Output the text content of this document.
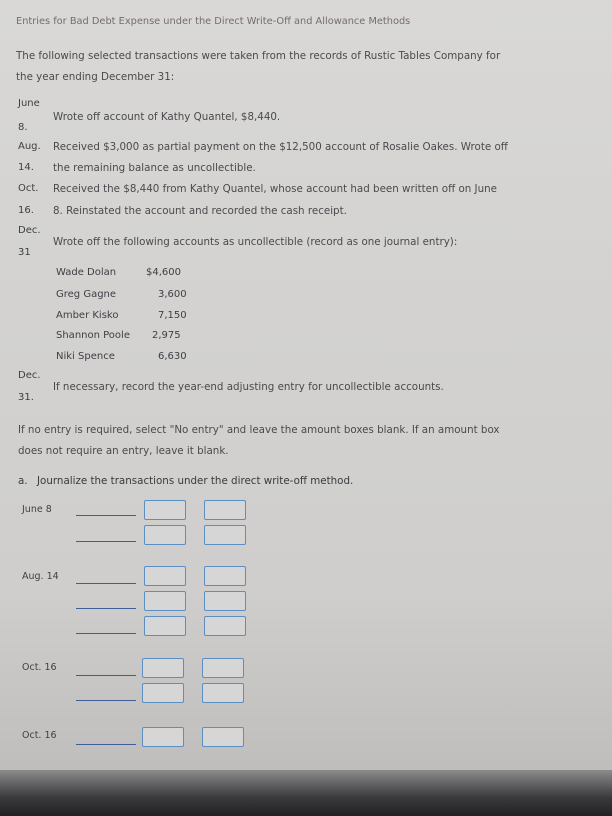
Entries for Bad Debt Expense under the Direct Write-Off and Allowance Methods
The following selected transactions were taken from the records of Rustic Tables Company for
the year ending December 31:
June
8.
Wrote off account of Kathy Quantel, $8,440.
Aug.
14.
Received $3,000 as partial payment on the $12,500 account of Rosalie Oakes. Wrote off
the remaining balance as uncollectible.
Oct.
16.
Received the $8,440 from Kathy Quantel, whose account had been written off on June
8. Reinstated the account and recorded the cash receipt.
Dec.
31
Wrote off the following accounts as uncollectible (record as one journal entry):
Wade Dolan	$4,600
Greg Gagne	3,600
Amber Kisko	7,150
Shannon Poole 2,975
Niki Spence	6,630
Dec.
31.
If necessary, record the year-end adjusting entry for uncollectible accounts.
If no entry is required, select "No entry" and leave the amount boxes blank. If an amount box
does not require an entry, leave it blank.
a. Journalize the transactions under the direct write-off method.
June 8
Aug. 14
Oct. 16
Oct. 16
